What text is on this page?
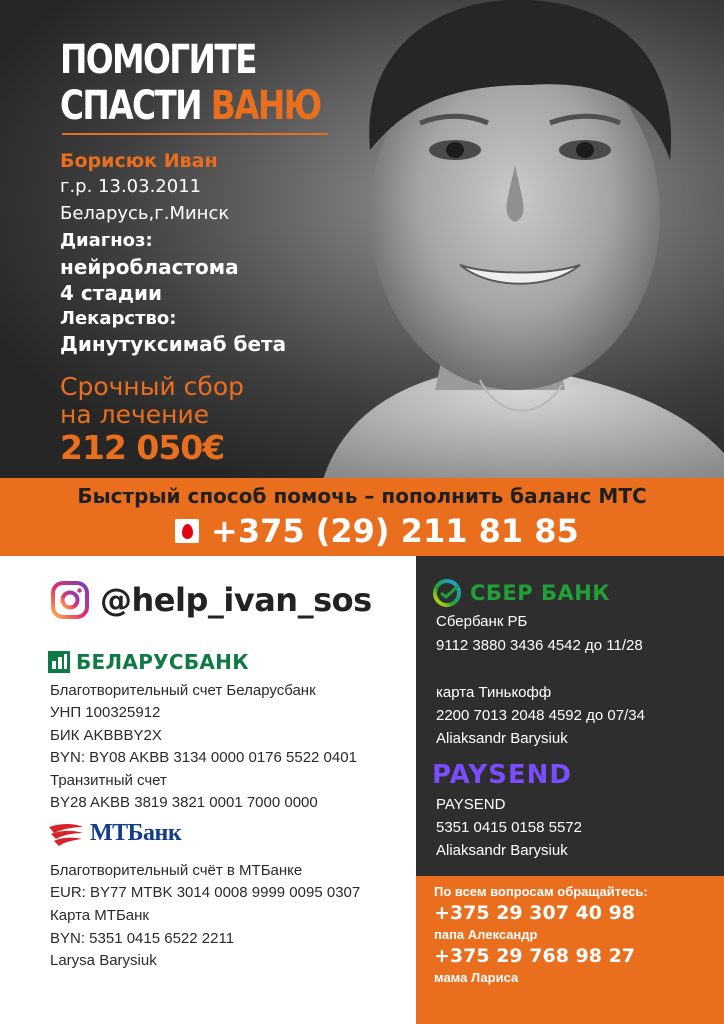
ПОМОГИТЕ
СПАСТИ ВАНЮ
Борисюк Иван
г.р. 13.03.2011
Беларусь,г.Минск
Диагноз:
нейробластома
4 стадии
Лекарство:
Динутуксимаб бета
Срочный сбор
на лечение
212 050€
Быстрый способ помочь – пополнить баланс МТС
+375 (29) 211 81 85
@help_ivan_sos
БЕЛАРУСБАНК
Благотворительный счет Беларусбанк
УНП 100325912
БИК AKBBBY2X
BYN: BY08 AKBB 3134 0000 0176 5522 0401
Транзитный счет
BY28 AKBB 3819 3821 0001 7000 0000
МТБанк
Благотворительный счёт в МТБанке
EUR: BY77 MTBK 3014 0008 9999 0095 0307
Карта МТБанк
BYN: 5351 0415 6522 2211
Larysa Barysiuk
СБЕР БАНК
Сбербанк РБ
9112 3880 3436 4542 до 11/28
карта Тинькофф
2200 7013 2048 4592 до 07/34
Aliaksandr Barysiuk
PAYSEND
PAYSEND
5351 0415 0158 5572
Aliaksandr Barysiuk
По всем вопросам обращайтесь:
+375 29 307 40 98
папа Александр
+375 29 768 98 27
мама Лариса
